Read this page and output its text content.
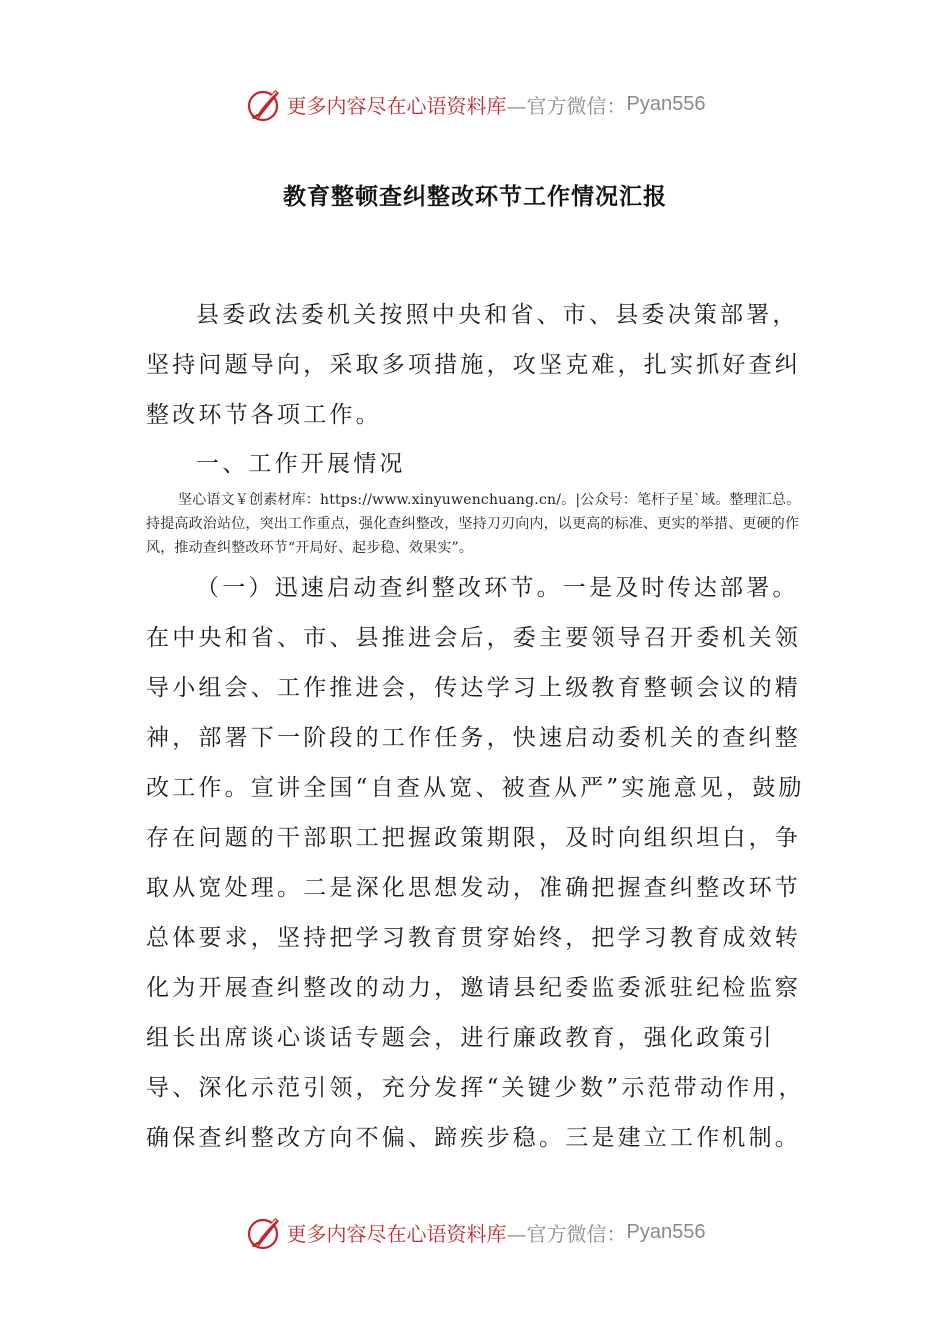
更多内容尽在心语资料库 —官方微信： Pyan556
教育整顿查纠整改环节工作情况汇报

县委政法委机关按照中央和省、市、县委决策部署，坚持问题导向，采取多项措施，攻坚克难，扎实抓好查纠整改环节各项工作。

一、工作开展情况

坚心语文￥创素材库：https://www.xinyuwenchuang.cn/。|公众号：笔杆子星`域。整理汇总。持提高政治站位，突出工作重点，强化查纠整改，坚持刀刃向内，以更高的标准、更实的举措、更硬的作风，推动查纠整改环节“开局好、起步稳、效果实”。

（一）迅速启动查纠整改环节。一是及时传达部署。在中央和省、市、县推进会后，委主要领导召开委机关领导小组会、工作推进会，传达学习上级教育整顿会议的精神，部署下一阶段的工作任务，快速启动委机关的查纠整改工作。宣讲全国“自查从宽、被查从严”实施意见，鼓励存在问题的干部职工把握政策期限，及时向组织坦白，争取从宽处理。二是深化思想发动，准确把握查纠整改环节总体要求，坚持把学习教育贯穿始终，把学习教育成效转化为开展查纠整改的动力，邀请县纪委监委派驻纪检监察组长出席谈心谈话专题会，进行廉政教育，强化政策引导、深化示范引领，充分发挥“关键少数”示范带动作用，确保查纠整改方向不偏、蹄疾步稳。三是建立工作机制。

更多内容尽在心语资料库 —官方微信： Pyan556
